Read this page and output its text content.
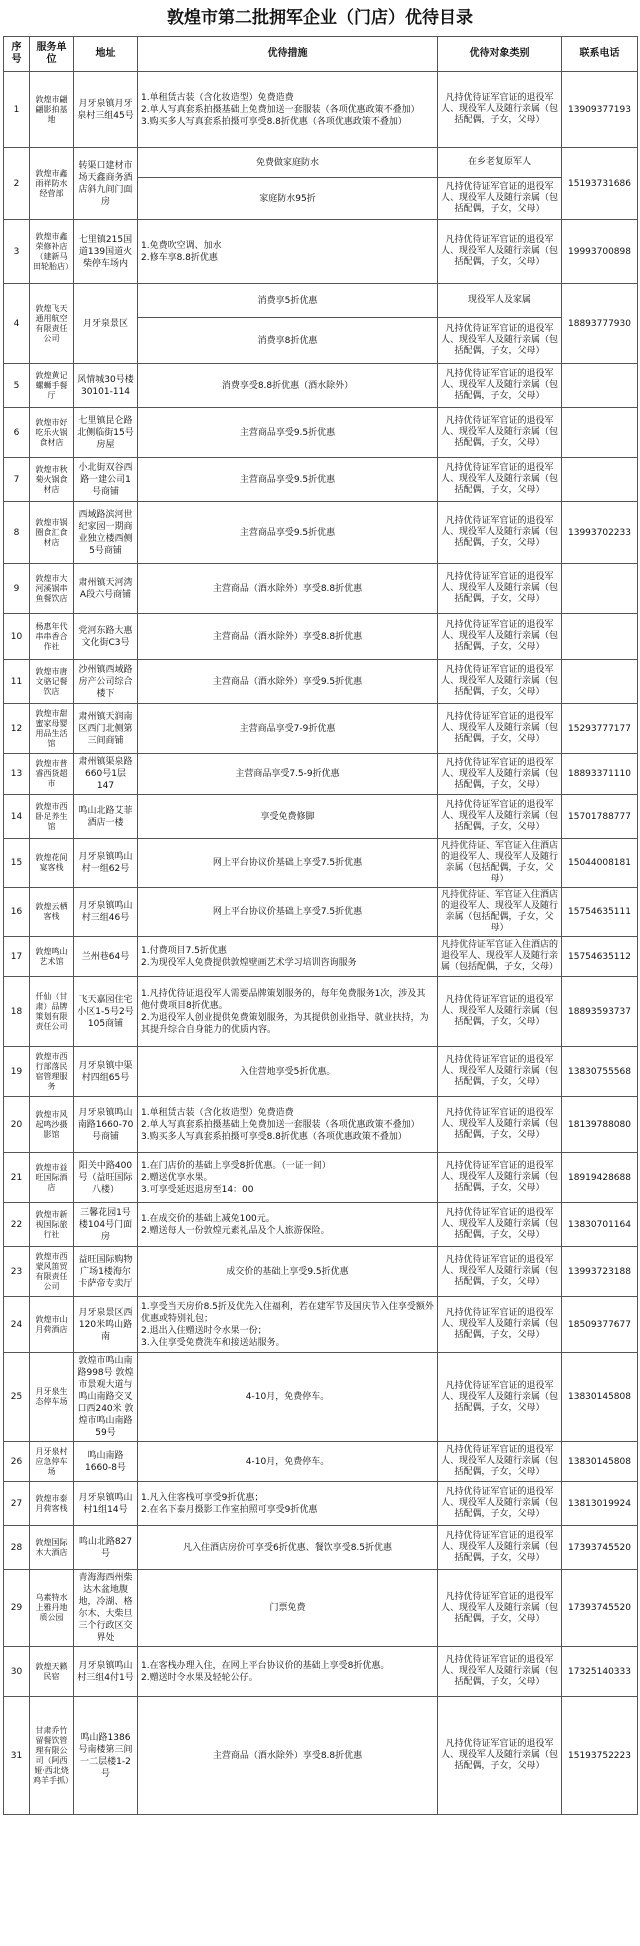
敦煌市第二批拥军企业（门店）优待目录
序号	服务单位	地址	优待措施	优待对象类别	联系电话
1	敦煌市翩翩影拍基地	月牙泉镇月牙泉村三组45号	1.单租赁古装（含化妆造型）免费造费
2.单人写真套系拍摄基础上免费加送一套服装（各项优惠政策不叠加）
3.购买多人写真套系拍摄可享受8.8折优惠（各项优惠政策不叠加）	凡持优待证军官证的退役军人、现役军人及随行亲属（包括配偶，子女，父母）	13909377193
2	敦煌市鑫雨祥防水经营部	转渠口建材市场天鑫商务酒店斜九间门面房	免费做家庭防水	在乡老复原军人	15193731686
			家庭防水95折	凡持优待证军官证的退役军人、现役军人及随行亲属（包括配偶，子女，父母）	
3	敦煌市鑫荣修补店（建新马田轮胎店）	七里镇215国道139国道火柴停车场内	1.免费吹空调、加水
2.修车享8.8折优惠	凡持优待证军官证的退役军人、现役军人及随行亲属（包括配偶，子女，父母）	19993700898
4	敦煌飞天通用航空有限责任公司	月牙泉景区	消费享5折优惠	现役军人及家属	18893777930
			消费享8折优惠	凡持优待证军官证的退役军人、现役军人及随行亲属（包括配偶，子女，父母）	
5	敦煌黄记螺蛳手餐厅	风情城30号楼30101-114	消费享受8.8折优惠（酒水除外）	凡持优待证军官证的退役军人、现役军人及随行亲属（包括配偶，子女，父母）	
6	敦煌市好吃乐火锅食材店	七里镇昆仑路北侧临街15号房屋	主营商品享受9.5折优惠	凡持优待证军官证的退役军人、现役军人及随行亲属（包括配偶，子女，父母）	
7	敦煌市秋菊火锅食材店	小北街双谷西路一建公司1号商铺	主营商品享受9.5折优惠	凡持优待证军官证的退役军人、现役军人及随行亲属（包括配偶，子女，父母）	
8	敦煌市锅圈食汇食材店	西域路滨河世纪家园一期商业独立楼西侧5号商铺	主营商品享受9.5折优惠	凡持优待证军官证的退役军人、现役军人及随行亲属（包括配偶，子女，父母）	13993702233
9	敦煌市大河溪锅串鱼餐饮店	肃州镇天河湾A段六号商铺	主营商品（酒水除外）享受8.8折优惠	凡持优待证军官证的退役军人、现役军人及随行亲属（包括配偶，子女，父母）	
10	杨惠年代串串香合作社	党河东路大惠文化街C3号	主营商品（酒水除外）享受8.8折优惠	凡持优待证军官证的退役军人、现役军人及随行亲属（包括配偶，子女，父母）	
11	敦煌市唐文骆记餐饮店	沙州镇西域路房产公司综合楼下	主营商品（酒水除外）享受9.5折优惠	凡持优待证军官证的退役军人、现役军人及随行亲属（包括配偶，子女，父母）	
12	敦煌市甜蜜家母婴用品生活馆	肃州镇天润南区西门北侧第三间商铺	主营商品享受7-9折优惠	凡持优待证军官证的退役军人、现役军人及随行亲属（包括配偶，子女，父母）	15293777177
13	敦煌市普睿西货超市	肃州镇渠泉路660号1层147	主营商品享受7.5-9折优惠	凡持优待证军官证的退役军人、现役军人及随行亲属（包括配偶，子女，父母）	18893371110
14	敦煌市西卧足养生馆	鸣山北路艾菲酒店一楼	享受免费修脚	凡持优待证军官证的退役军人、现役军人及随行亲属（包括配偶，子女，父母）	15701788777
15	敦煌花间宴客栈	月牙泉镇鸣山村一组62号	网上平台协议价基础上享受7.5折优惠	凡持优待证、军官证入住酒店的退役军人、现役军人及随行亲属（包括配偶，子女，父母）	15044008181
16	敦煌云栖客栈	月牙泉镇鸣山村三组46号	网上平台协议价基础上享受7.5折优惠	凡持优待证、军官证入住酒店的退役军人、现役军人及随行亲属（包括配偶，子女，父母）	15754635111
17	敦煌鸣山艺术馆	兰州巷64号	1.付费项目7.5折优惠
2.为现役军人免费提供敦煌壁画艺术学习培训咨询服务	凡持优待证军官证入住酒店的退役军人、现役军人及随行亲属（包括配偶，子女，父母）	15754635112
18	仟仙（甘肃）品牌策划有限责任公司	飞天嘉园住宅小区1-5号2号105商铺	1.凡持优待证退役军人需要品牌策划服务的，每年免费服务1次，涉及其他付费项目8折优惠。
2.为退役军人创业提供免费策划服务，为其提供创业指导、就业扶持，为其提升综合自身能力的优质内容。	凡持优待证军官证的退役军人、现役军人及随行亲属（包括配偶，子女，父母）	18893593737
19	敦煌市西行部落民宿管理服务	月牙泉镇中渠村四组65号	入住营地享受5折优惠。	凡持优待证军官证的退役军人、现役军人及随行亲属（包括配偶，子女，父母）	13830755568
20	敦煌市风起鸣沙摄影馆	月牙泉镇鸣山南路1660-70号商铺	1.单租赁古装（含化妆造型）免费造费
2.单人写真套系拍摄基础上免费加送一套服装（各项优惠政策不叠加）
3.购买多人写真套系拍摄可享受8.8折优惠（各项优惠政策不叠加）	凡持优待证军官证的退役军人、现役军人及随行亲属（包括配偶，子女，父母）	18139788080
21	敦煌市益旺国际酒店	阳关中路400号（益旺国际八楼）	1.在门店价的基础上享受8折优惠。（一证一间）
2.赠送优享水果。
3.可享受延迟退房至14：00	凡持优待证军官证的退役军人、现役军人及随行亲属（包括配偶，子女，父母）	18919428688
22	敦煌市新视国际旅行社	三馨花园1号楼104号门面房	1.在成交价的基础上减免100元。
2.赠送每人一份敦煌元素礼品及个人旅游保险。	凡持优待证军官证的退役军人、现役军人及随行亲属（包括配偶，子女，父母）	13830701164
23	敦煌市西蒙风笛贸有限责任公司	益旺国际购物广场1楼海尔卡萨帝专卖厅	成交价的基础上享受9.5折优惠	凡持优待证军官证的退役军人、现役军人及随行亲属（包括配偶，子女，父母）	13993723188
24	敦煌市山月荷酒店	月牙泉景区西120米鸣山路南	1.享受当天房价8.5折及优先入住福利，若在建军节及国庆节入住享受额外优惠或特别礼包；
2.退出入住赠送时令水果一份；
3.入住享受免费洗车和接送站服务。	凡持优待证军官证的退役军人、现役军人及随行亲属（包括配偶，子女，父母）	18509377677
25	月牙泉生态停车场	敦煌市鸣山南路998号 敦煌市景观大道与鸣山南路交叉口西240米 敦煌市鸣山南路59号	4-10月，免费停车。	凡持优待证军官证的退役军人、现役军人及随行亲属（包括配偶，子女，父母）	13830145808
26	月牙泉村应急停车场	鸣山南路1660-8号	4-10月，免费停车。	凡持优待证军官证的退役军人、现役军人及随行亲属（包括配偶，子女，父母）	13830145808
27	敦煌市泰月荷客栈	月牙泉镇鸣山村1组14号	1.凡入住客栈可享受9折优惠；
2.在名下泰月摄影工作室拍照可享受9折优惠	凡持优待证军官证的退役军人、现役军人及随行亲属（包括配偶，子女，父母）	13813019924
28	敦煌国际木大酒店	鸣山北路827号	凡入住酒店房价可享受6折优惠、餐饮享受8.5折优惠	凡持优待证军官证的退役军人、现役军人及随行亲属（包括配偶，子女，父母）	17393745520
29	乌素特水上雅丹地质公园	青海海西州柴达木盆地腹地，冷湖、格尔木、大柴旦三个行政区交界处	门票免费	凡持优待证军官证的退役军人、现役军人及随行亲属（包括配偶，子女，父母）	17393745520
30	敦煌天籁民宿	月牙泉镇鸣山村三组4付1号	1.在客栈办理入住，在网上平台协议价的基础上享受8折优惠。
2.赠送时令水果及轻轮公仔。	凡持优待证军官证的退役军人、现役军人及随行亲属（包括配偶，子女，父母）	17325140333
31	甘肃乔竹留餐饮管理有限公司（阿西娅·西北烧鸡羊手抓）	鸣山路1386号南楼第三间一二层楼1-2号	主营商品（酒水除外）享受8.8折优惠	凡持优待证军官证的退役军人、现役军人及随行亲属（包括配偶，子女，父母）	15193752223
